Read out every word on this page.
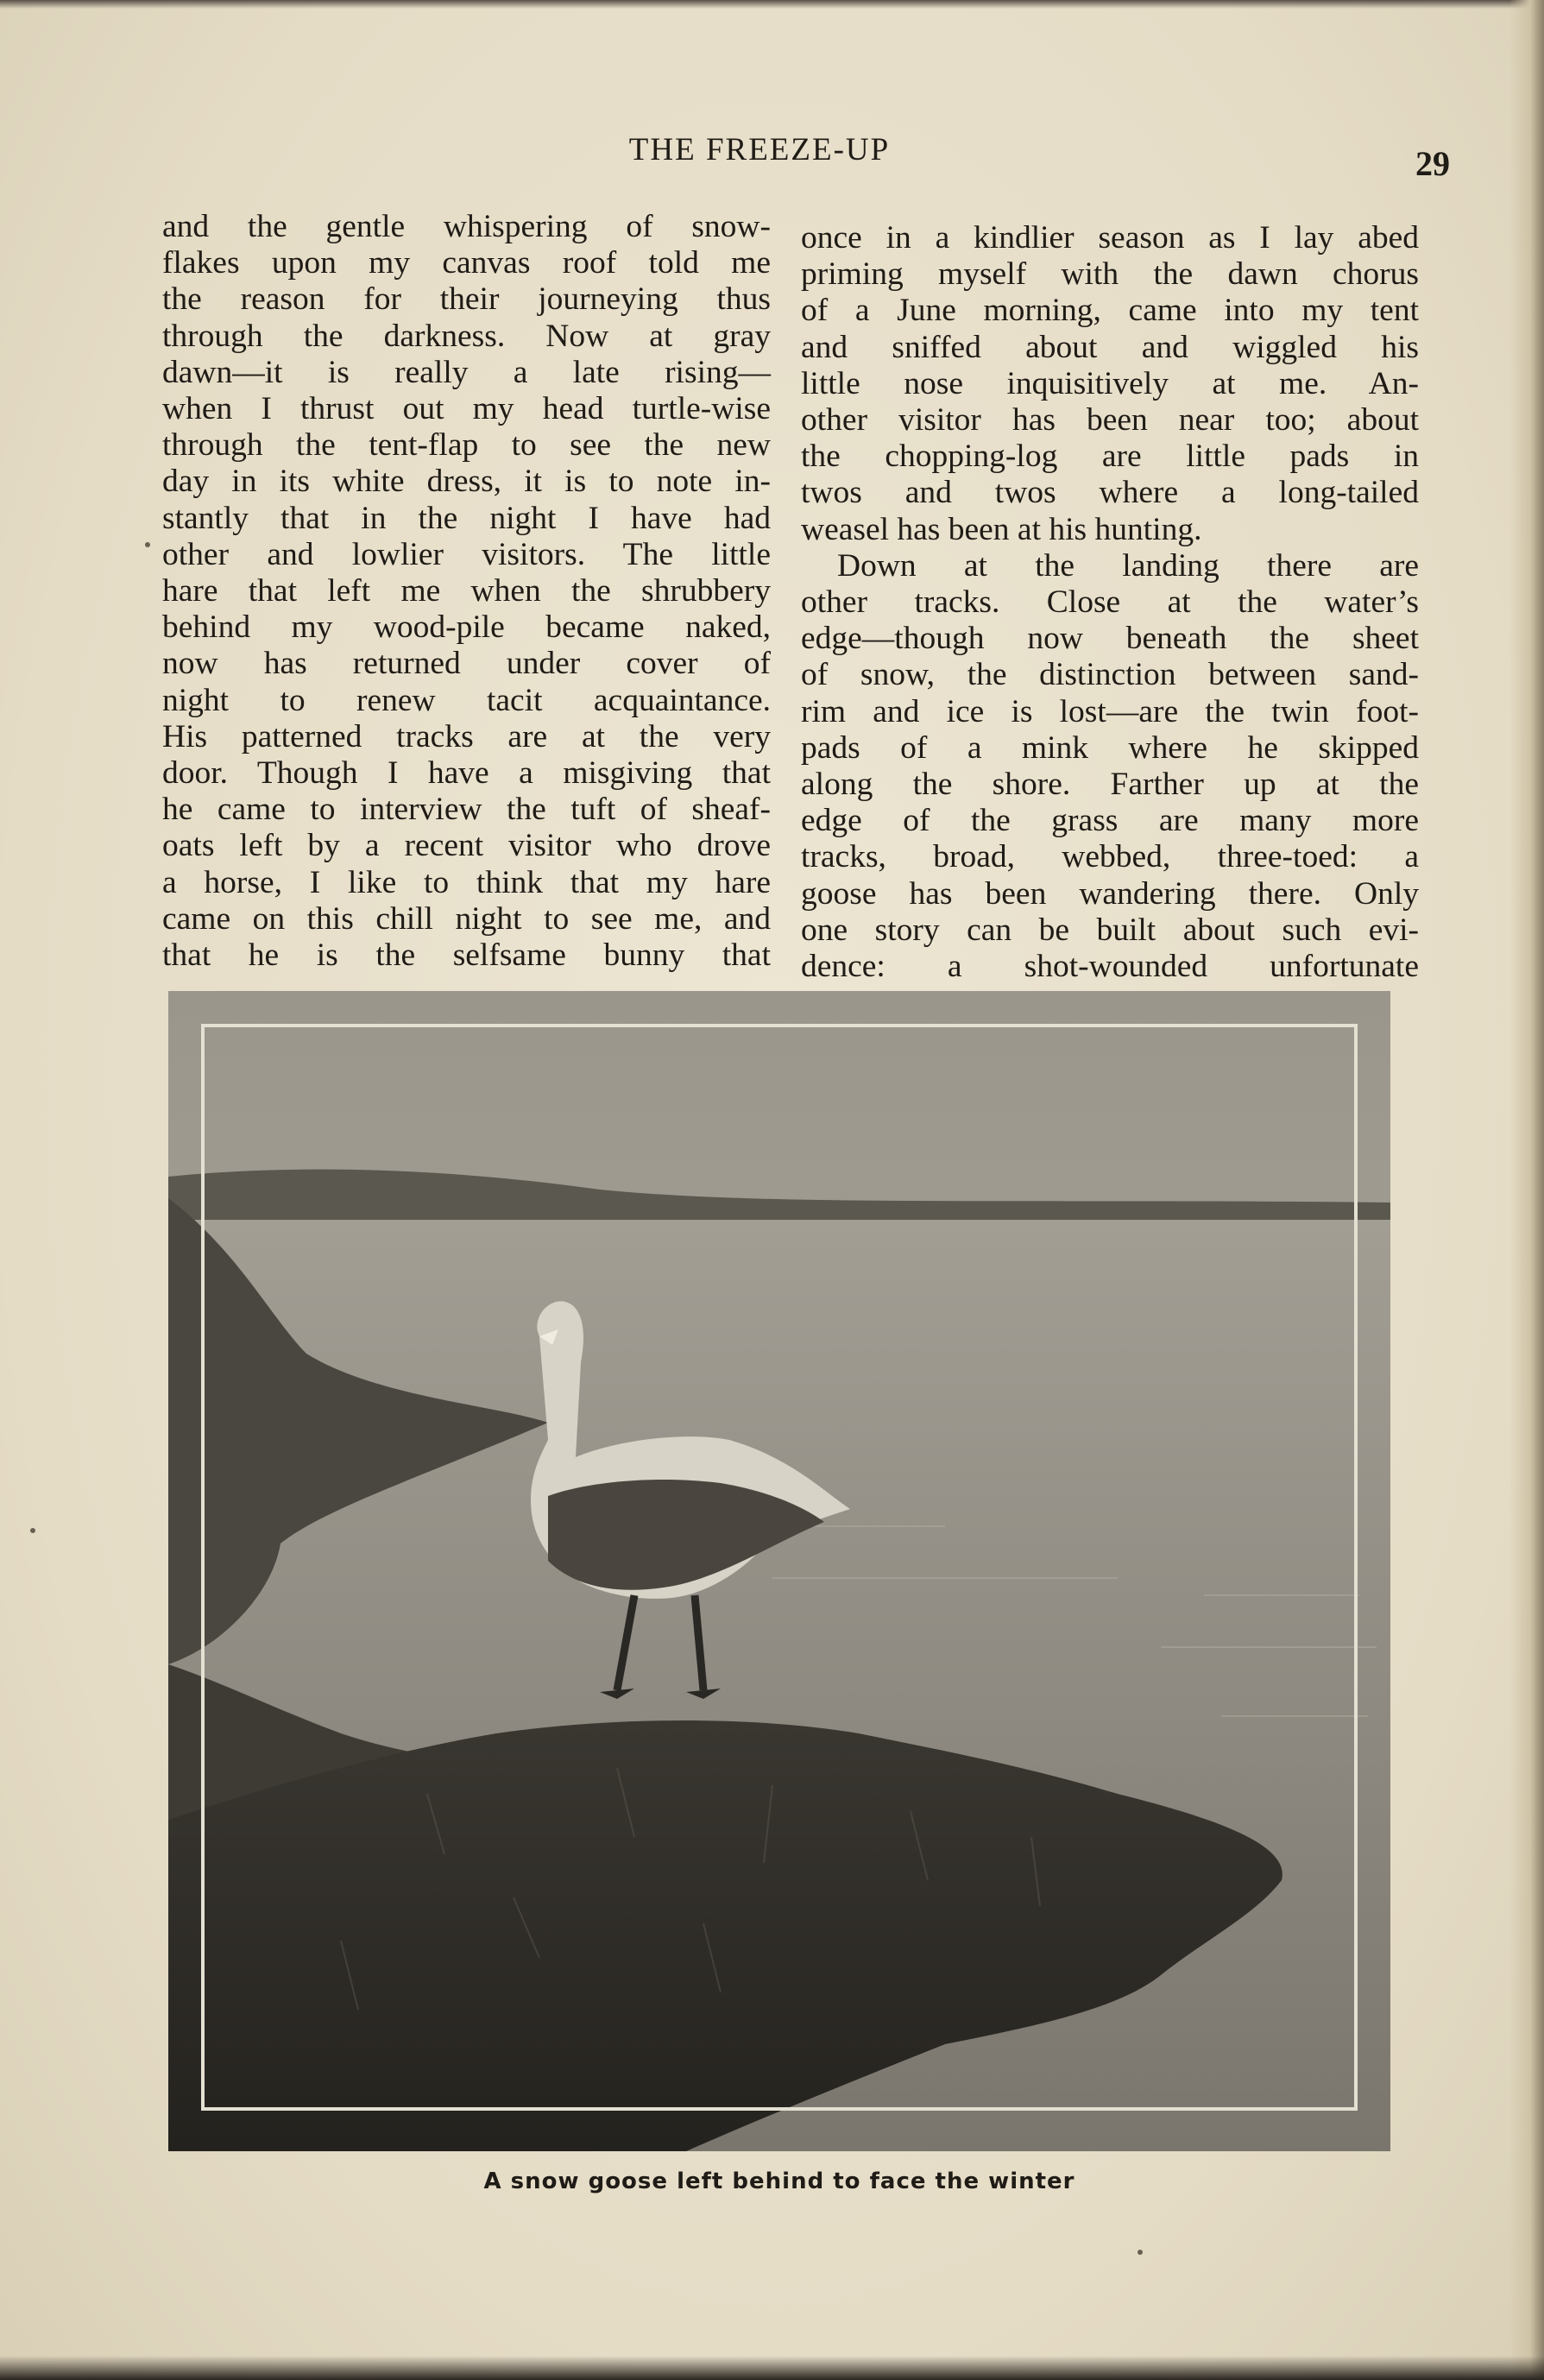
THE FREEZE-UP	29
and the gentle whispering of snow-
flakes upon my canvas roof told me
the reason for their journeying thus
through the darkness. Now at gray
dawn—it is really a late rising—
when I thrust out my head turtle-wise
through the tent-flap to see the new
day in its white dress, it is to note in-
stantly that in the night I have had
other and lowlier visitors. The little
hare that left me when the shrubbery
behind my wood-pile became naked,
now has returned under cover of
night to renew tacit acquaintance.
His patterned tracks are at the very
door. Though I have a misgiving that
he came to interview the tuft of sheaf-
oats left by a recent visitor who drove
a horse, I like to think that my hare
came on this chill night to see me, and
that he is the selfsame bunny that
once in a kindlier season as I lay abed
priming myself with the dawn chorus
of a June morning, came into my tent
and sniffed about and wiggled his
little nose inquisitively at me. An-
other visitor has been near too; about
the chopping-log are little pads in
twos and twos where a long-tailed
weasel has been at his hunting.
Down at the landing there are
other tracks. Close at the water’s
edge—though now beneath the sheet
of snow, the distinction between sand-
rim and ice is lost—are the twin foot-
pads of a mink where he skipped
along the shore. Farther up at the
edge of the grass are many more
tracks, broad, webbed, three-toed: a
goose has been wandering there. Only
one story can be built about such evi-
dence: a shot-wounded unfortunate
A snow goose left behind to face the winter
